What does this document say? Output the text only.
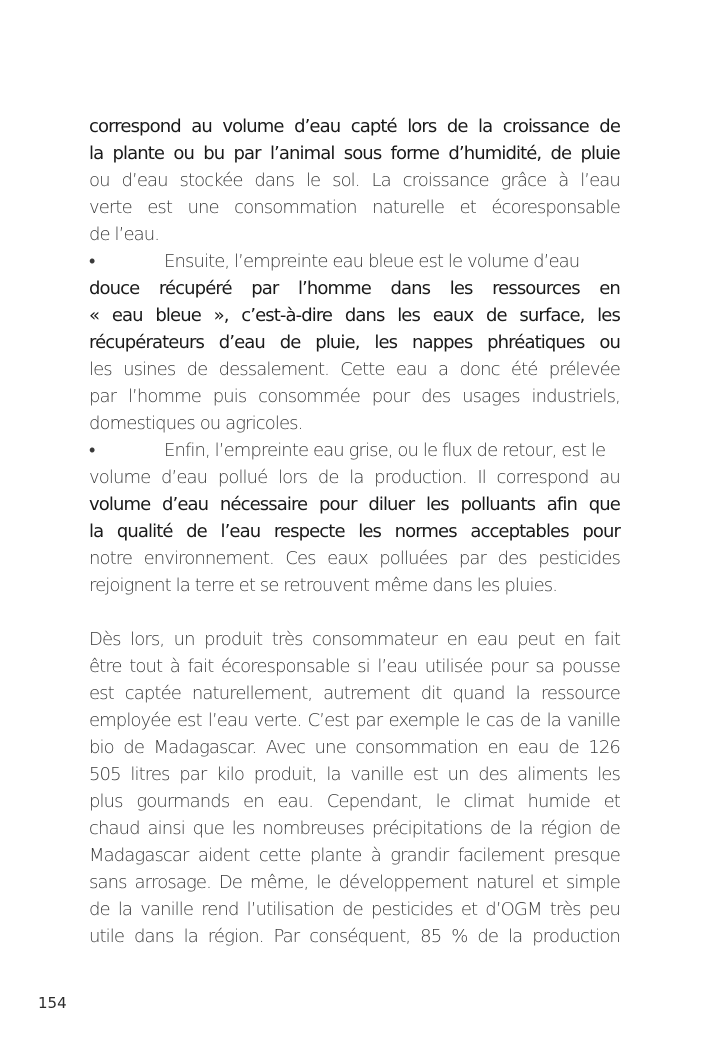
correspond au volume d’eau capté lors de la croissance de
la plante ou bu par l’animal sous forme d’humidité, de pluie
ou d’eau stockée dans le sol. La croissance grâce à l’eau
verte est une consommation naturelle et écoresponsable
de l’eau.
•	Ensuite, l’empreinte eau bleue est le volume d’eau
douce récupéré par l’homme dans les ressources en
« eau bleue », c’est-à-dire dans les eaux de surface, les
récupérateurs d’eau de pluie, les nappes phréatiques ou
les usines de dessalement. Cette eau a donc été prélevée
par l’homme puis consommée pour des usages industriels,
domestiques ou agricoles.
•	Enfin, l’empreinte eau grise, ou le flux de retour, est le
volume d’eau pollué lors de la production. Il correspond au
volume d’eau nécessaire pour diluer les polluants afin que
la qualité de l’eau respecte les normes acceptables pour
notre environnement. Ces eaux polluées par des pesticides
rejoignent la terre et se retrouvent même dans les pluies.
Dès lors, un produit très consommateur en eau peut en fait
être tout à fait écoresponsable si l’eau utilisée pour sa pousse
est captée naturellement, autrement dit quand la ressource
employée est l’eau verte. C’est par exemple le cas de la vanille
bio de Madagascar. Avec une consommation en eau de 126
505 litres par kilo produit, la vanille est un des aliments les
plus gourmands en eau. Cependant, le climat humide et
chaud ainsi que les nombreuses précipitations de la région de
Madagascar aident cette plante à grandir facilement presque
sans arrosage. De même, le développement naturel et simple
de la vanille rend l’utilisation de pesticides et d’OGM très peu
utile dans la région. Par conséquent, 85 % de la production
154
